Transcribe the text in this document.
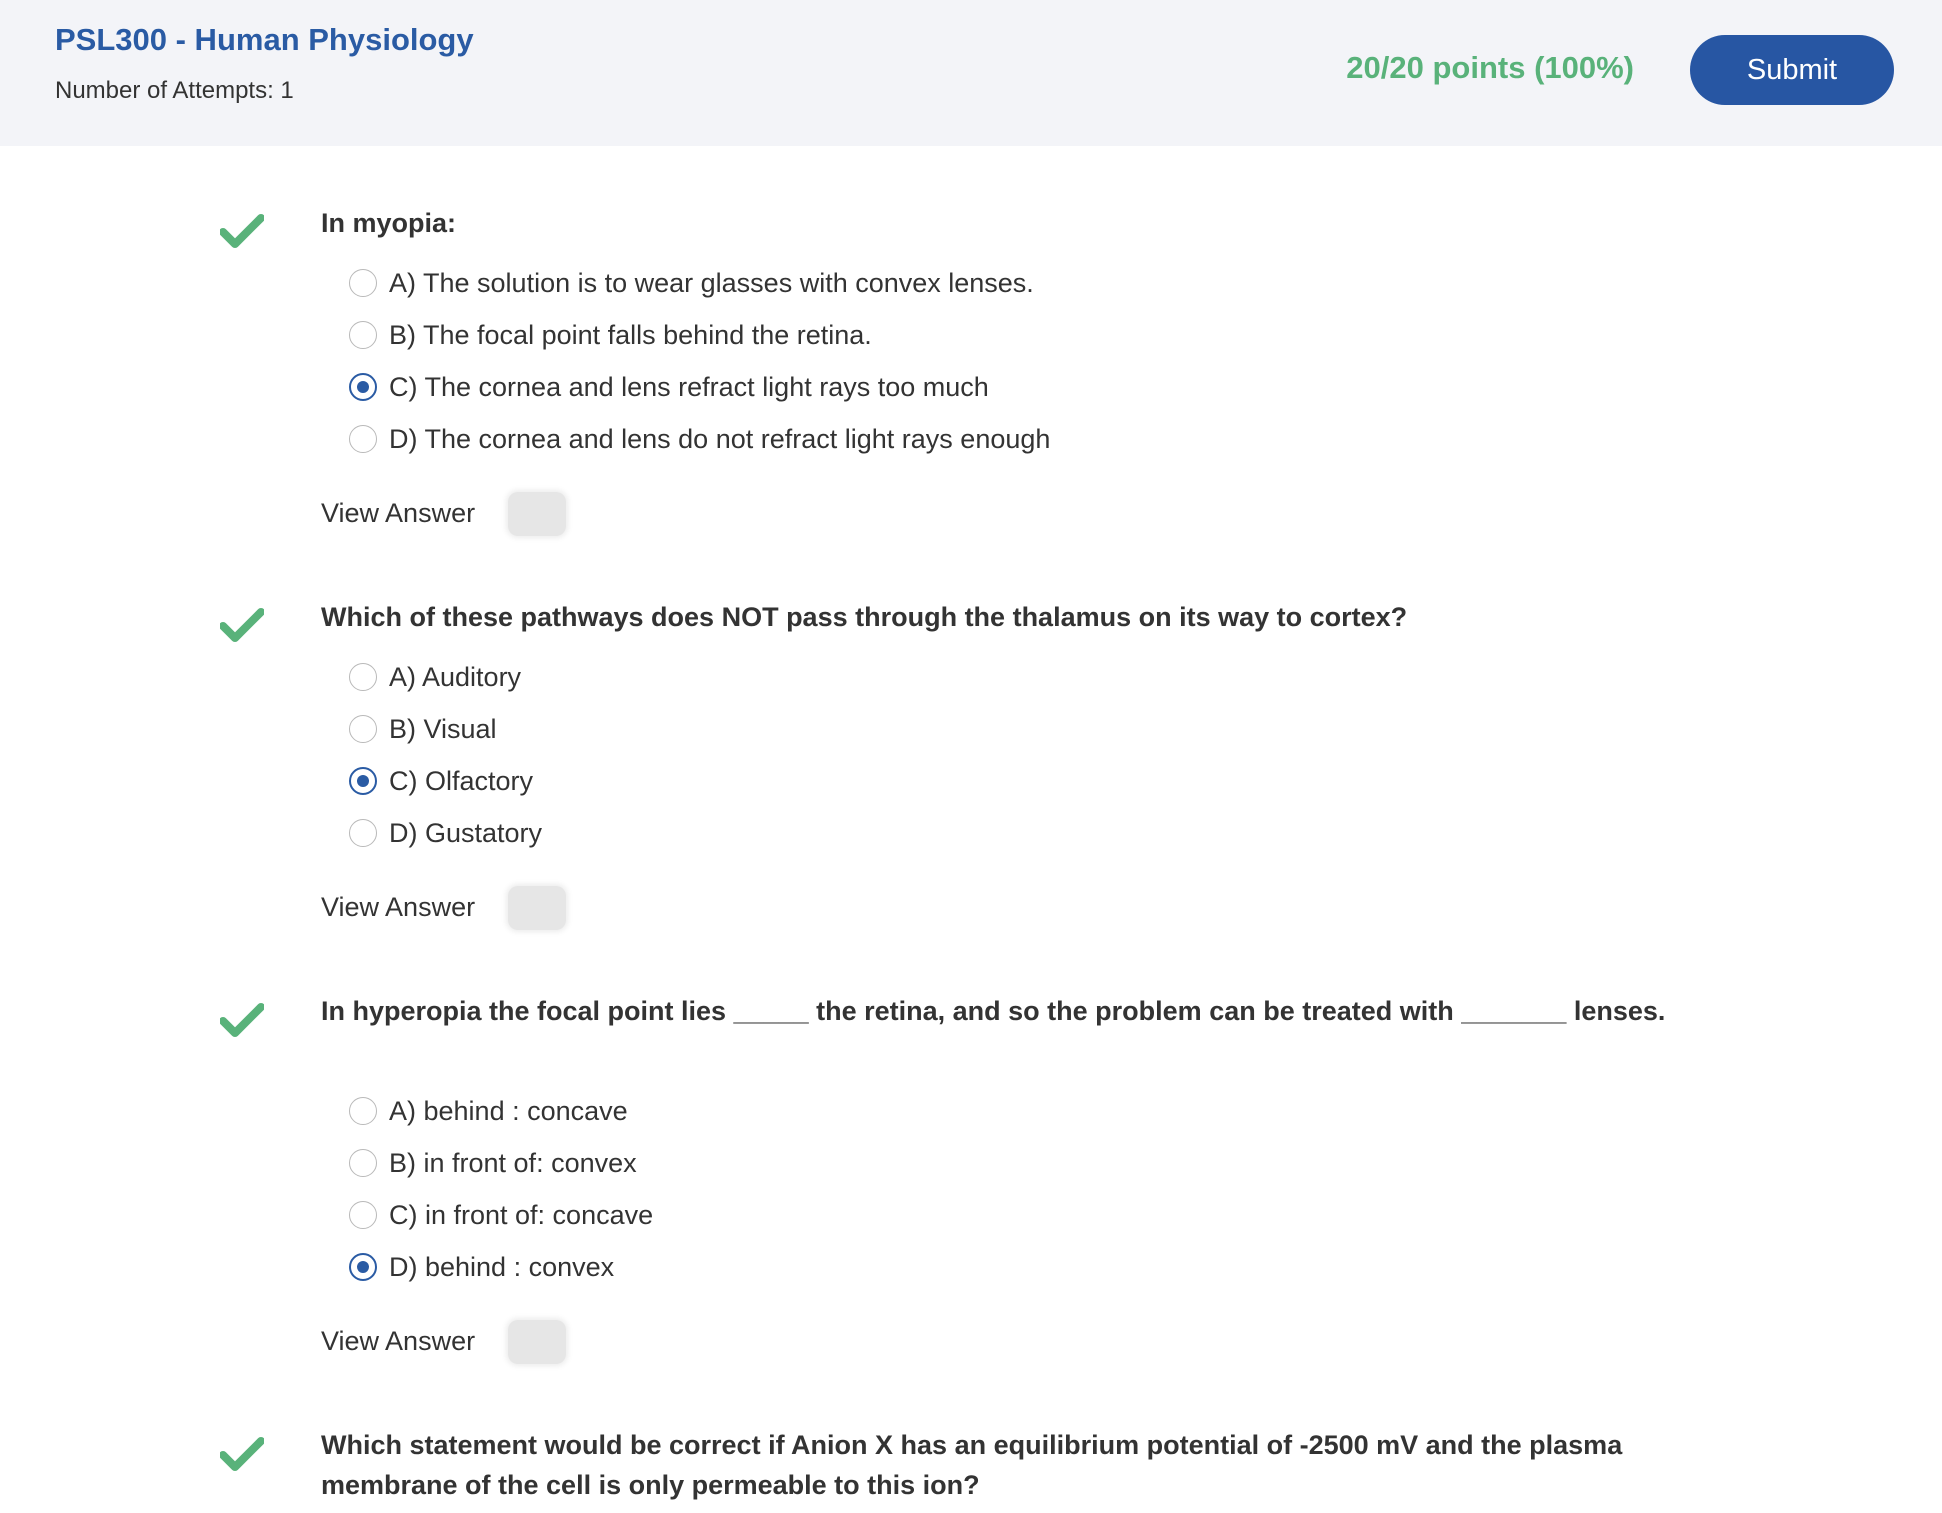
PSL300 - Human Physiology
Number of Attempts: 1
20/20 points (100%)	Submit
In myopia:
A) The solution is to wear glasses with convex lenses.
B) The focal point falls behind the retina.
C) The cornea and lens refract light rays too much
D) The cornea and lens do not refract light rays enough
View Answer
Which of these pathways does NOT pass through the thalamus on its way to cortex?
A) Auditory
B) Visual
C) Olfactory
D) Gustatory
View Answer
In hyperopia the focal point lies _____ the retina, and so the problem can be treated with _______ lenses.
A) behind : concave
B) in front of: convex
C) in front of: concave
D) behind : convex
View Answer
Which statement would be correct if Anion X has an equilibrium potential of -2500 mV and the plasma membrane of the cell is only permeable to this ion?
